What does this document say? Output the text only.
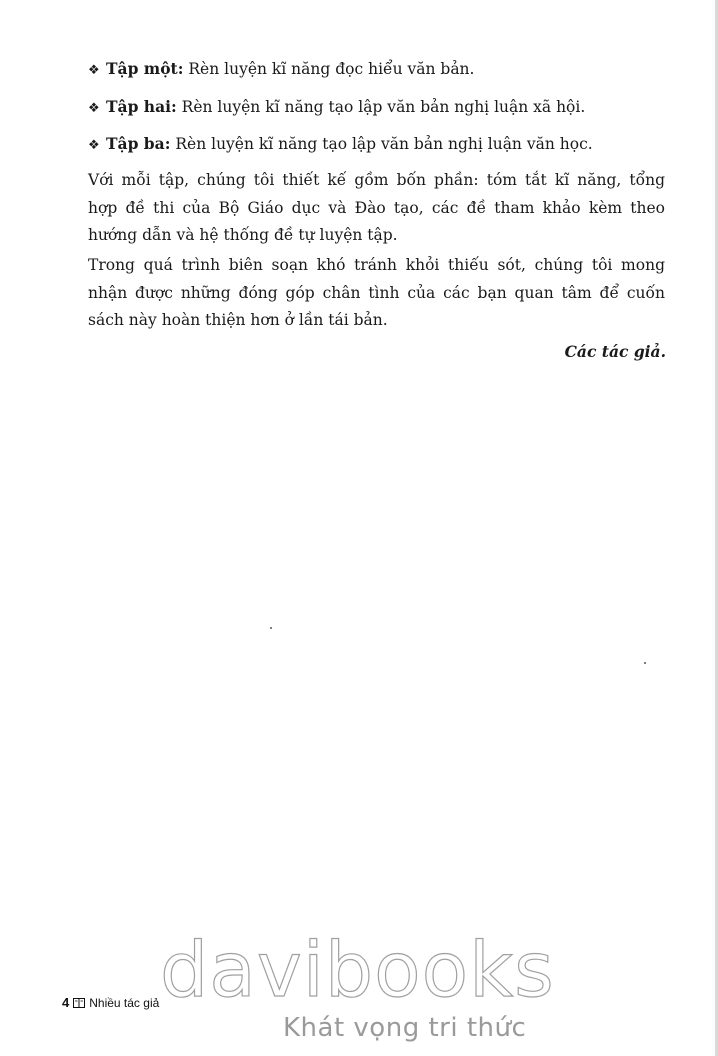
❖ Tập một: Rèn luyện kĩ năng đọc hiểu văn bản.
❖ Tập hai: Rèn luyện kĩ năng tạo lập văn bản nghị luận xã hội.
❖ Tập ba: Rèn luyện kĩ năng tạo lập văn bản nghị luận văn học.
Với mỗi tập, chúng tôi thiết kế gồm bốn phần: tóm tắt kĩ năng, tổng
hợp đề thi của Bộ Giáo dục và Đào tạo, các đề tham khảo kèm theo
hướng dẫn và hệ thống đề tự luyện tập.
Trong quá trình biên soạn khó tránh khỏi thiếu sót, chúng tôi mong
nhận được những đóng góp chân tình của các bạn quan tâm để cuốn
sách này hoàn thiện hơn ở lần tái bản.
Các tác giả.
davibooks
Khát vọng tri thức
4 Nhiều tác giả
